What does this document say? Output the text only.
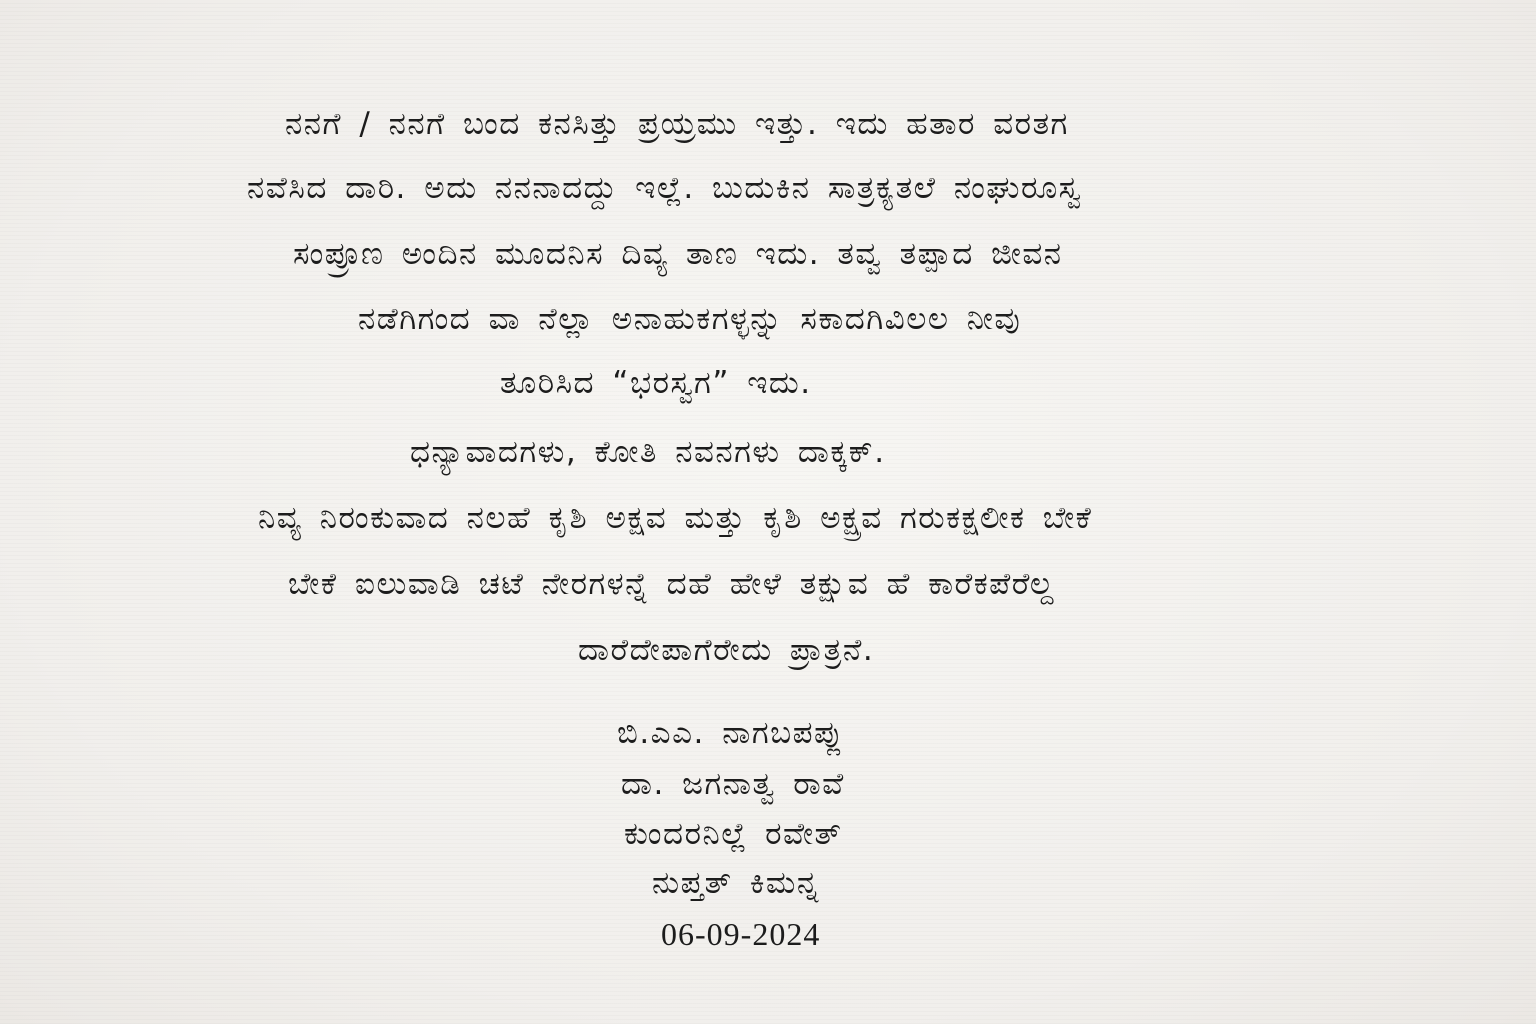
ನನಗೆ / ನನಗೆ ಬಂದ ಕನಸಿತ್ತು ಪ್ರಯ್ರಮು ಇತ್ತು. ಇದು ಹತಾರ ವರತಗ
ನವೆಸಿದ ದಾರಿ. ಅದು ನನನಾದದ್ದು ಇಲ್ಲೆ. ಬುದುಕಿನ ಸಾತ್ರಕ್ಯತಲೆ ನಂಘುರೂಸ್ವ
ಸಂಪ್ರೂಣ ಅಂದಿನ ಮೂದನಿಸ ದಿವ್ಯ ತಾಣ ಇದು. ತವ್ವ ತಪ್ಪಾದ ಜೀವನ
ನಡೆಗಿಗಂದ ವಾ ನೆಲ್ಲಾ ಅನಾಹುಕಗಳ್ಳನ್ನು ಸಕಾದಗಿವಿಲಲ ನೀವು
ತೂರಿಸಿದ “ಭರಸ್ವಗ” ಇದು.
ಧನ್ಯಾವಾದಗಳು, ಕೋತಿ ನವನಗಳು ದಾಕ್ಕಕ್.
ನಿವ್ಯ ನಿರಂಕುವಾದ ನಲಹೆ ಕೃಶಿ ಅಕ್ಷವ ಮತ್ತು ಕೃಶಿ ಅಕ್ಷ್ರವ ಗರುಕಕ್ಷಲೀಕ ಬೇಕೆ
ಬೇಕೆ ಐಲುವಾಡಿ ಚಟೆ ನೇರಗಳನ್ನೆ ದಹೆ ಹೇಳೆ ತಕ್ಷುವ ಹೆ ಕಾರೆಕಪೆರೆಲ್ದ
ದಾರೆದೇಪಾಗೆರೇದು ಪ್ರಾತ್ರನೆ.
ಬಿ.ಎಎ. ನಾಗಬಪಪ್ಲು
ದಾ. ಜಗನಾತ್ವ ರಾವೆ
ಕುಂದರನಿಲ್ಲೆ ರವೇತ್
ನುಪ್ತತ್ ಕಿಮನ್ನ
06-09-2024
